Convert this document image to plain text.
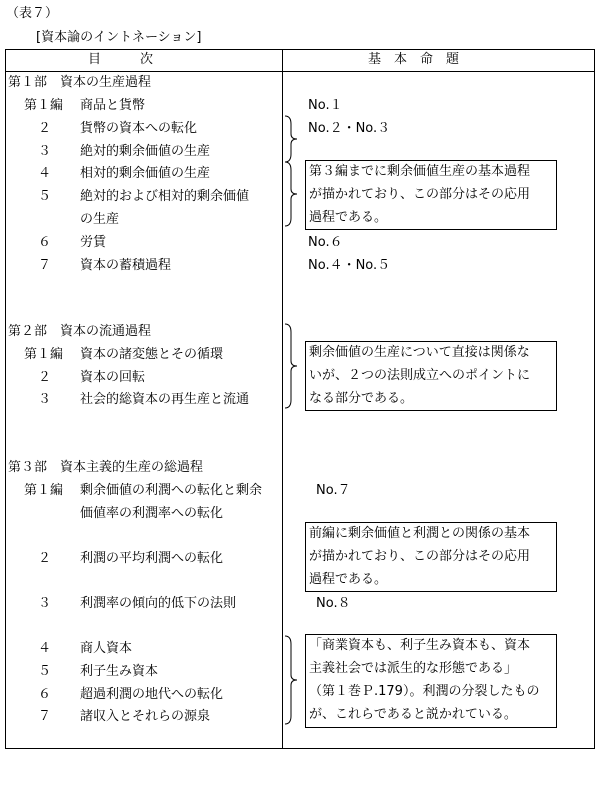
（表７）
[資本論のイントネーション]
目　　　次	基　本　命　題
第１部　資本の生産過程
第１編 商品と貨幣
２ 貨幣の資本への転化
３ 絶対的剰余価値の生産
４ 相対的剰余価値の生産
５ 絶対的および相対的剰余価値
の生産
６ 労賃
７ 資本の蓄積過程
No.１
No.２・No.３
No.６
No.４・No.５
第３編までに剰余価値生産の基本過程
が描かれており、この部分はその応用
過程である。
第２部　資本の流通過程
第１編 資本の諸変態とその循環
２ 資本の回転
３ 社会的総資本の再生産と流通
剰余価値の生産について直接は関係な
いが、２つの法則成立へのポイントに
なる部分である。
第３部　資本主義的生産の総過程
第１編 剰余価値の利潤への転化と剰余
価値率の利潤率への転化
２ 利潤の平均利潤への転化
３ 利潤率の傾向的低下の法則
４ 商人資本
５ 利子生み資本
６ 超過利潤の地代への転化
７ 諸収入とそれらの源泉
No.７
No.８
前編に剰余価値と利潤との関係の基本
が描かれており、この部分はその応用
過程である。
「商業資本も、利子生み資本も、資本
主義社会では派生的な形態である」
（第１巻Ｐ.179）。利潤の分裂したもの
が、これらであると説かれている。
